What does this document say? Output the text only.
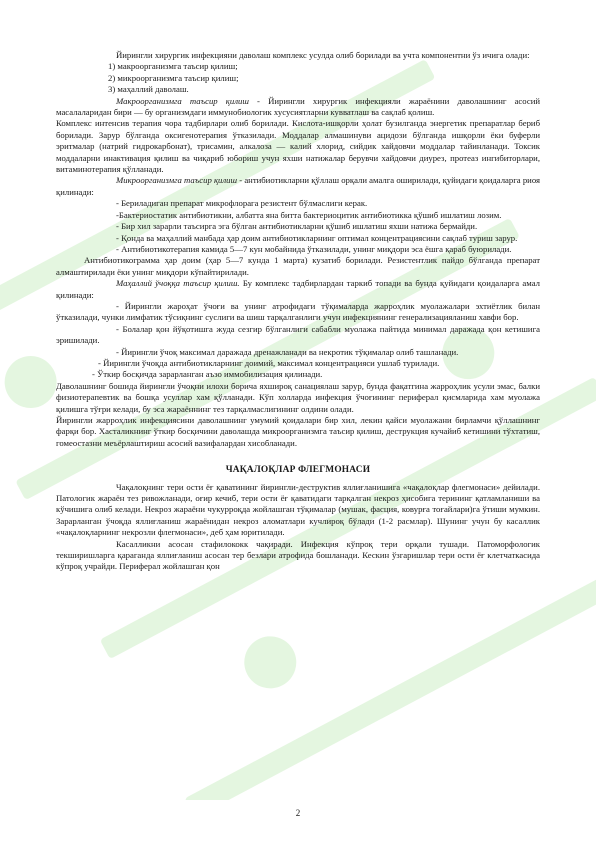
Йирингли хирургик инфекцияни даволаш комплекс усулда олиб борилади ва учта компонентни ўз ичига олади:

1) макроорганизмга таъсир қилиш;

2) микроорганизмга таъсир қилиш;

3) маҳаллий даволаш.

Макроорганизмга таъсир қилиш - Йирингли хирургик инфекцияли жараёнини даволашнинг асосий масалаларидан бири — бу организмдаги иммунобиологик хусусиятларни кувватлаш ва сақлаб қолиш.

Комплекс интенсив терапия чора тадбирлари олиб борилади. Кислота-ишқорли ҳолат бузилганда энергетик препаратлар бериб борилади. Зарур бўлганда оксигенотерапия ўтказилади. Моддалар алмашинуви ацидози бўлганда ишқорли ёки буферли эритмалар (натрий гидрокарбонат), трисамин, алкалоза — калий хлорид, сийдик хайдовчи моддалар тайинланади. Токсик моддаларни инактивация қилиш ва чиқариб юбориш учун яхши натижалар берувчи хайдовчи диурез, протеаз ингибиторлари, витаминотерапия қўлланади.

Микроорганизмга таъсир қилиш - антибиотикларни қўллаш орқали амалга оширилади, қуйидаги қоидаларга риоя қилинади:

- Бериладиган препарат микрофлорага резистент бўлмаслиги керак.

-Бактериостатик антибиотикни, албатта яна битта бактериоцитик антибиотикка қўшиб ишлатиш лозим.

- Бир хил зарарли таъсирга эга бўлган антибиотикларни қўшиб ишлатиш яхши натижа бермайди.

- Қонда ва маҳаллий манбада ҳар доим антибиотикларнинг оптимал концентрациясини сақлаб туриш зарур.

- Антибиотикотерапия камида 5—7 кун мобайнида ўтказилади, унинг миқдори эса ёшга қараб буюрилади.

Антибиотикограмма ҳар доим (ҳар 5—7 кунда 1 марта) кузатиб борилади. Резистентлик пайдо бўлганда препарат алмаштирилади ёки унинг миқдори кўпайтирилади.

Маҳаллий ўчоққа таъсир қилиш. Бу комплекс тадбирлардан таркиб топади ва бунда қуйидаги қоидаларга амал қилинади:

- Йирингли жароҳат ўчоғи ва унинг атрофидаги тўқималарда жарроҳлик муолажалари эхтиётлик билан ўтказилади, чунки лимфатик тўсиқнинг суслиги ва шиш тарқалганлиги учун инфекциянинг генерализацияланиш хавфи бор.

- Болалар қон йўқотишга жуда сезгир бўлганлиги сабабли муолажа пайтида минимал даражада қон кетишига эришилади.

- Йирингли ўчоқ максимал даражада дренажланади ва некротик тўқималар олиб ташланади.

- Йирингли ўчоқда антибиотикларнинг доимий, максимал концентрацияси ушлаб турилади.

- Ўткир босқичда зарарланган аъзо иммобилизация қилинади.

Даволашнинг бошида йирингли ўчоқни илохи борича яхшироқ санациялаш зарур, бунда фақатгина жарроҳлик усули эмас, балки физиотерапевтик ва бошқа усуллар хам қўлланади. Кўп холларда инфекция ўчоғининг периферал қисмларида хам муолажа қилишга тўғри келади, бу эса жараённинг тез тарқалмаслигининг олдини олади.

Йирингли жарроҳлик инфекциясини даволашнинг умумий қоидалари бир хил, лекин қайси муолажани бирламчи қўллашнинг фарқи бор. Хасталикнинг ўткир босқичини даволашда микроорганизмга таъсир қилиш, деструкция кучайиб кетишини тўхтатиш, гомеостазни меъёрлаштириш асосий вазифалардан хисобланади.

ЧАҚАЛОҚЛАР ФЛЕГМОНАСИ

Чақалоқнинг тери ости ёғ қаватининг йирингли-деструктив яллиғланишига «чақалоқлар флегмонаси» дейилади. Патологик жараён тез ривожланади, оғир кечиб, тери ости ёғ қаватидаги тарқалган некроз ҳисобига терининг қатламланиши ва кўчишига олиб келади. Некроз жараёни чукурроқда жойлашган тўқималар (мушак, фасция, ковурға тоғайлари)га ўтиши мумкин. Зарарланган ўчоқда яллиғланиш жараёнидан некроз аломатлари кучлироқ бўлади (1-2 расмлар). Шунинг учун бу касаллик «чақалоқларнинг некрозли флегмонаси», деб ҳам юритилади.

Касалликни асосан стафилококк чақиради. Инфекция кўпроқ тери орқали тушади. Патоморфологик текширишларга қараганда яллиғланиш асосан тер безлари атрофида бошланади. Кескин ўзгаришлар тери ости ёғ клетчаткасида кўпроқ учрайди. Периферал жойлашган қон

2
